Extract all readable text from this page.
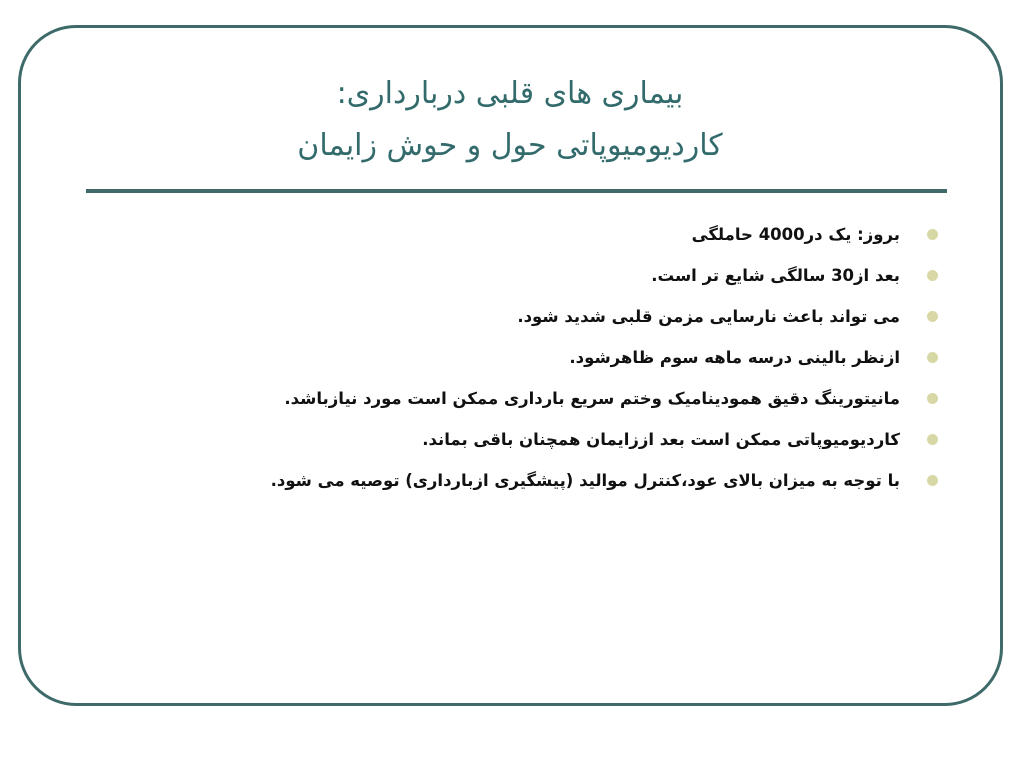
بیماری های قلبی دربارداری:
کاردیومیوپاتی حول و حوش زایمان
بروز: یک در4000 حاملگی
بعد از30 سالگی شایع تر است.
می تواند باعث نارسایی مزمن قلبی شدید شود.
ازنظر بالینی درسه ماهه سوم ظاهرشود.
مانیتورینگ دقیق همودینامیک وختم سریع بارداری ممکن است مورد نیازباشد.
کاردیومیوپاتی ممکن است بعد اززایمان همچنان باقی بماند.
با توجه به میزان بالای عود،کنترل موالید (پیشگیری ازبارداری) توصیه می شود.
